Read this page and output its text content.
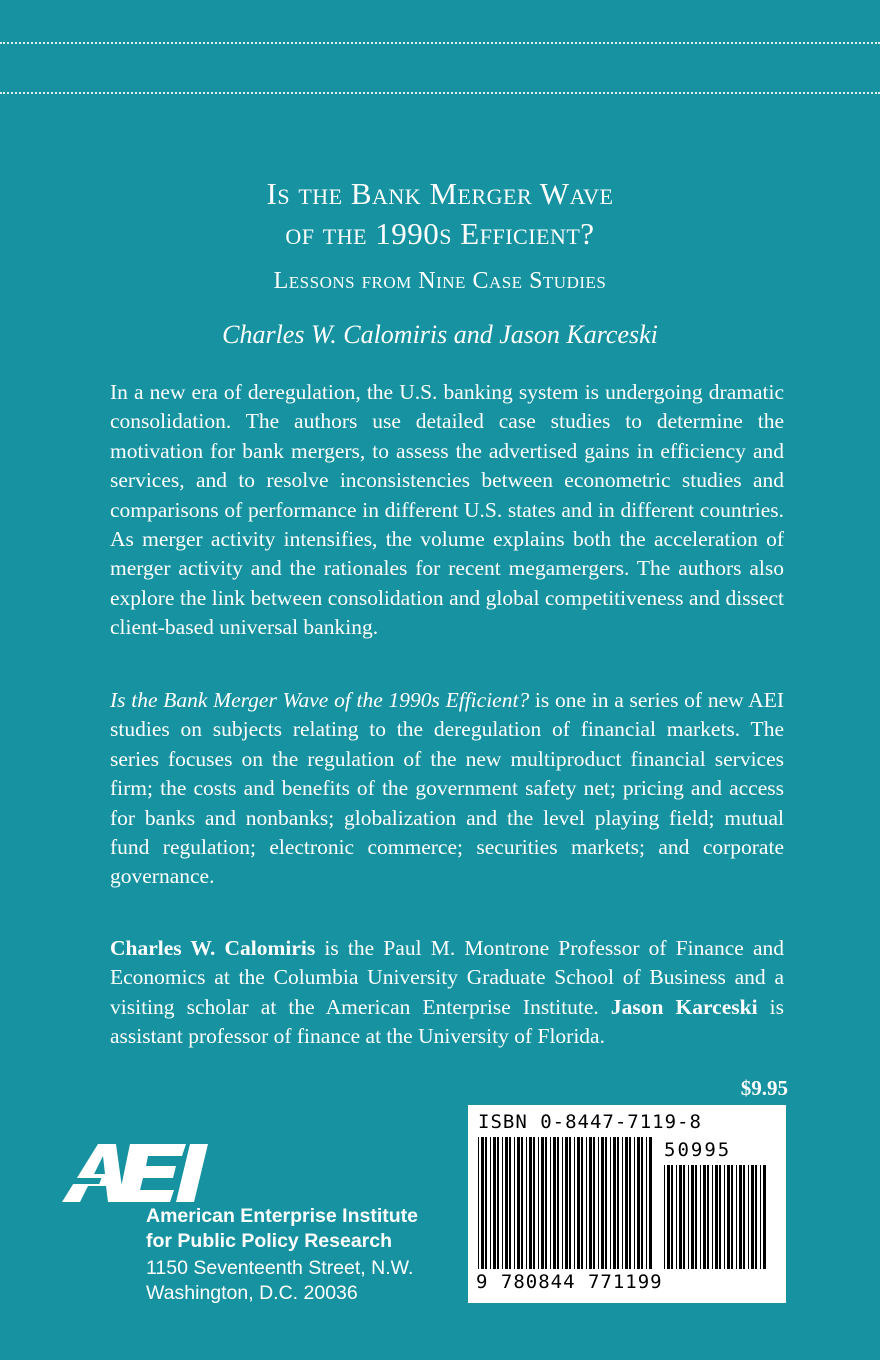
Is the Bank Merger Wave
of the 1990s Efficient?
Lessons from Nine Case Studies
Charles W. Calomiris and Jason Karceski
In a new era of deregulation, the U.S. banking system is undergoing dramatic consolidation. The authors use detailed case studies to determine the motivation for bank mergers, to assess the advertised gains in efficiency and services, and to resolve inconsistencies between econometric studies and comparisons of performance in different U.S. states and in different countries. As merger activity intensifies, the volume explains both the acceleration of merger activity and the rationales for recent megamergers. The authors also explore the link between consolidation and global competitiveness and dissect client-based universal banking.
Is the Bank Merger Wave of the 1990s Efficient? is one in a series of new AEI studies on subjects relating to the deregulation of financial markets. The series focuses on the regulation of the new multiproduct financial services firm; the costs and benefits of the government safety net; pricing and access for banks and nonbanks; globalization and the level playing field; mutual fund regulation; electronic commerce; securities markets; and corporate governance.
Charles W. Calomiris is the Paul M. Montrone Professor of Finance and Economics at the Columbia University Graduate School of Business and a visiting scholar at the American Enterprise Institute. Jason Karceski is assistant professor of finance at the University of Florida.
$9.95
American Enterprise Institute
for Public Policy Research
1150 Seventeenth Street, N.W.
Washington, D.C. 20036
ISBN 0-8447-7119-8
50995
9 780844 771199
